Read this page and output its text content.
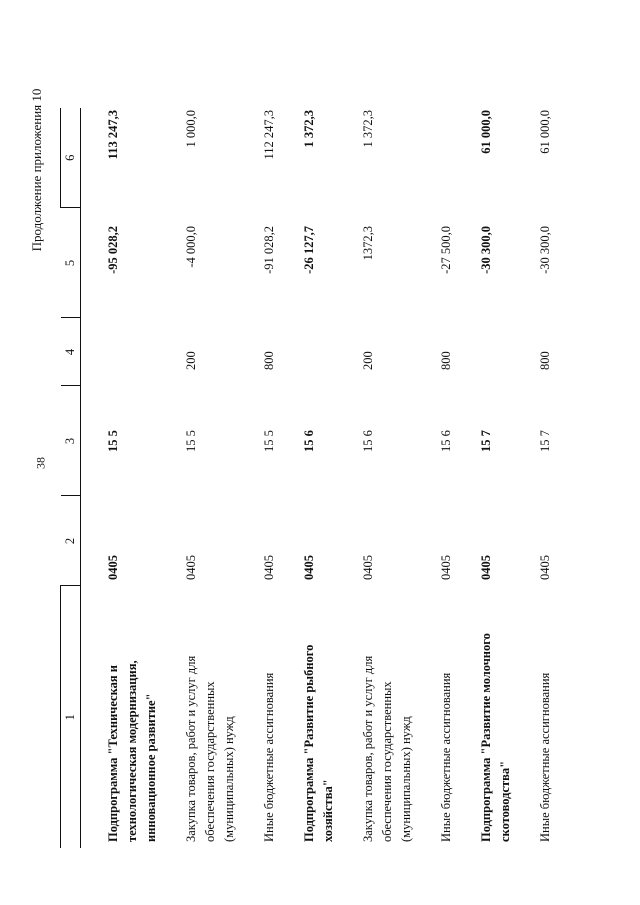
38
Продолжение приложения 10
1	2	3	4	5	6
Подпрограмма "Техническая и технологическая модернизация, инновационное развитие"	0405	15 5		-95 028,2	113 247,3
Закупка товаров, работ и услуг для обеспечения государственных (муниципальных) нужд	0405	15 5	200	-4 000,0	1 000,0
Иные бюджетные ассигнования	0405	15 5	800	-91 028,2	112 247,3
Подпрограмма "Развитие рыбного хозяйства"	0405	15 6		-26 127,7	1 372,3
Закупка товаров, работ и услуг для обеспечения государственных (муниципальных) нужд	0405	15 6	200	1372,3	1 372,3
Иные бюджетные ассигнования	0405	15 6	800	-27 500,0	
Подпрограмма "Развитие молочного скотоводства"	0405	15 7		-30 300,0	61 000,0
Иные бюджетные ассигнования	0405	15 7	800	-30 300,0	61 000,0
